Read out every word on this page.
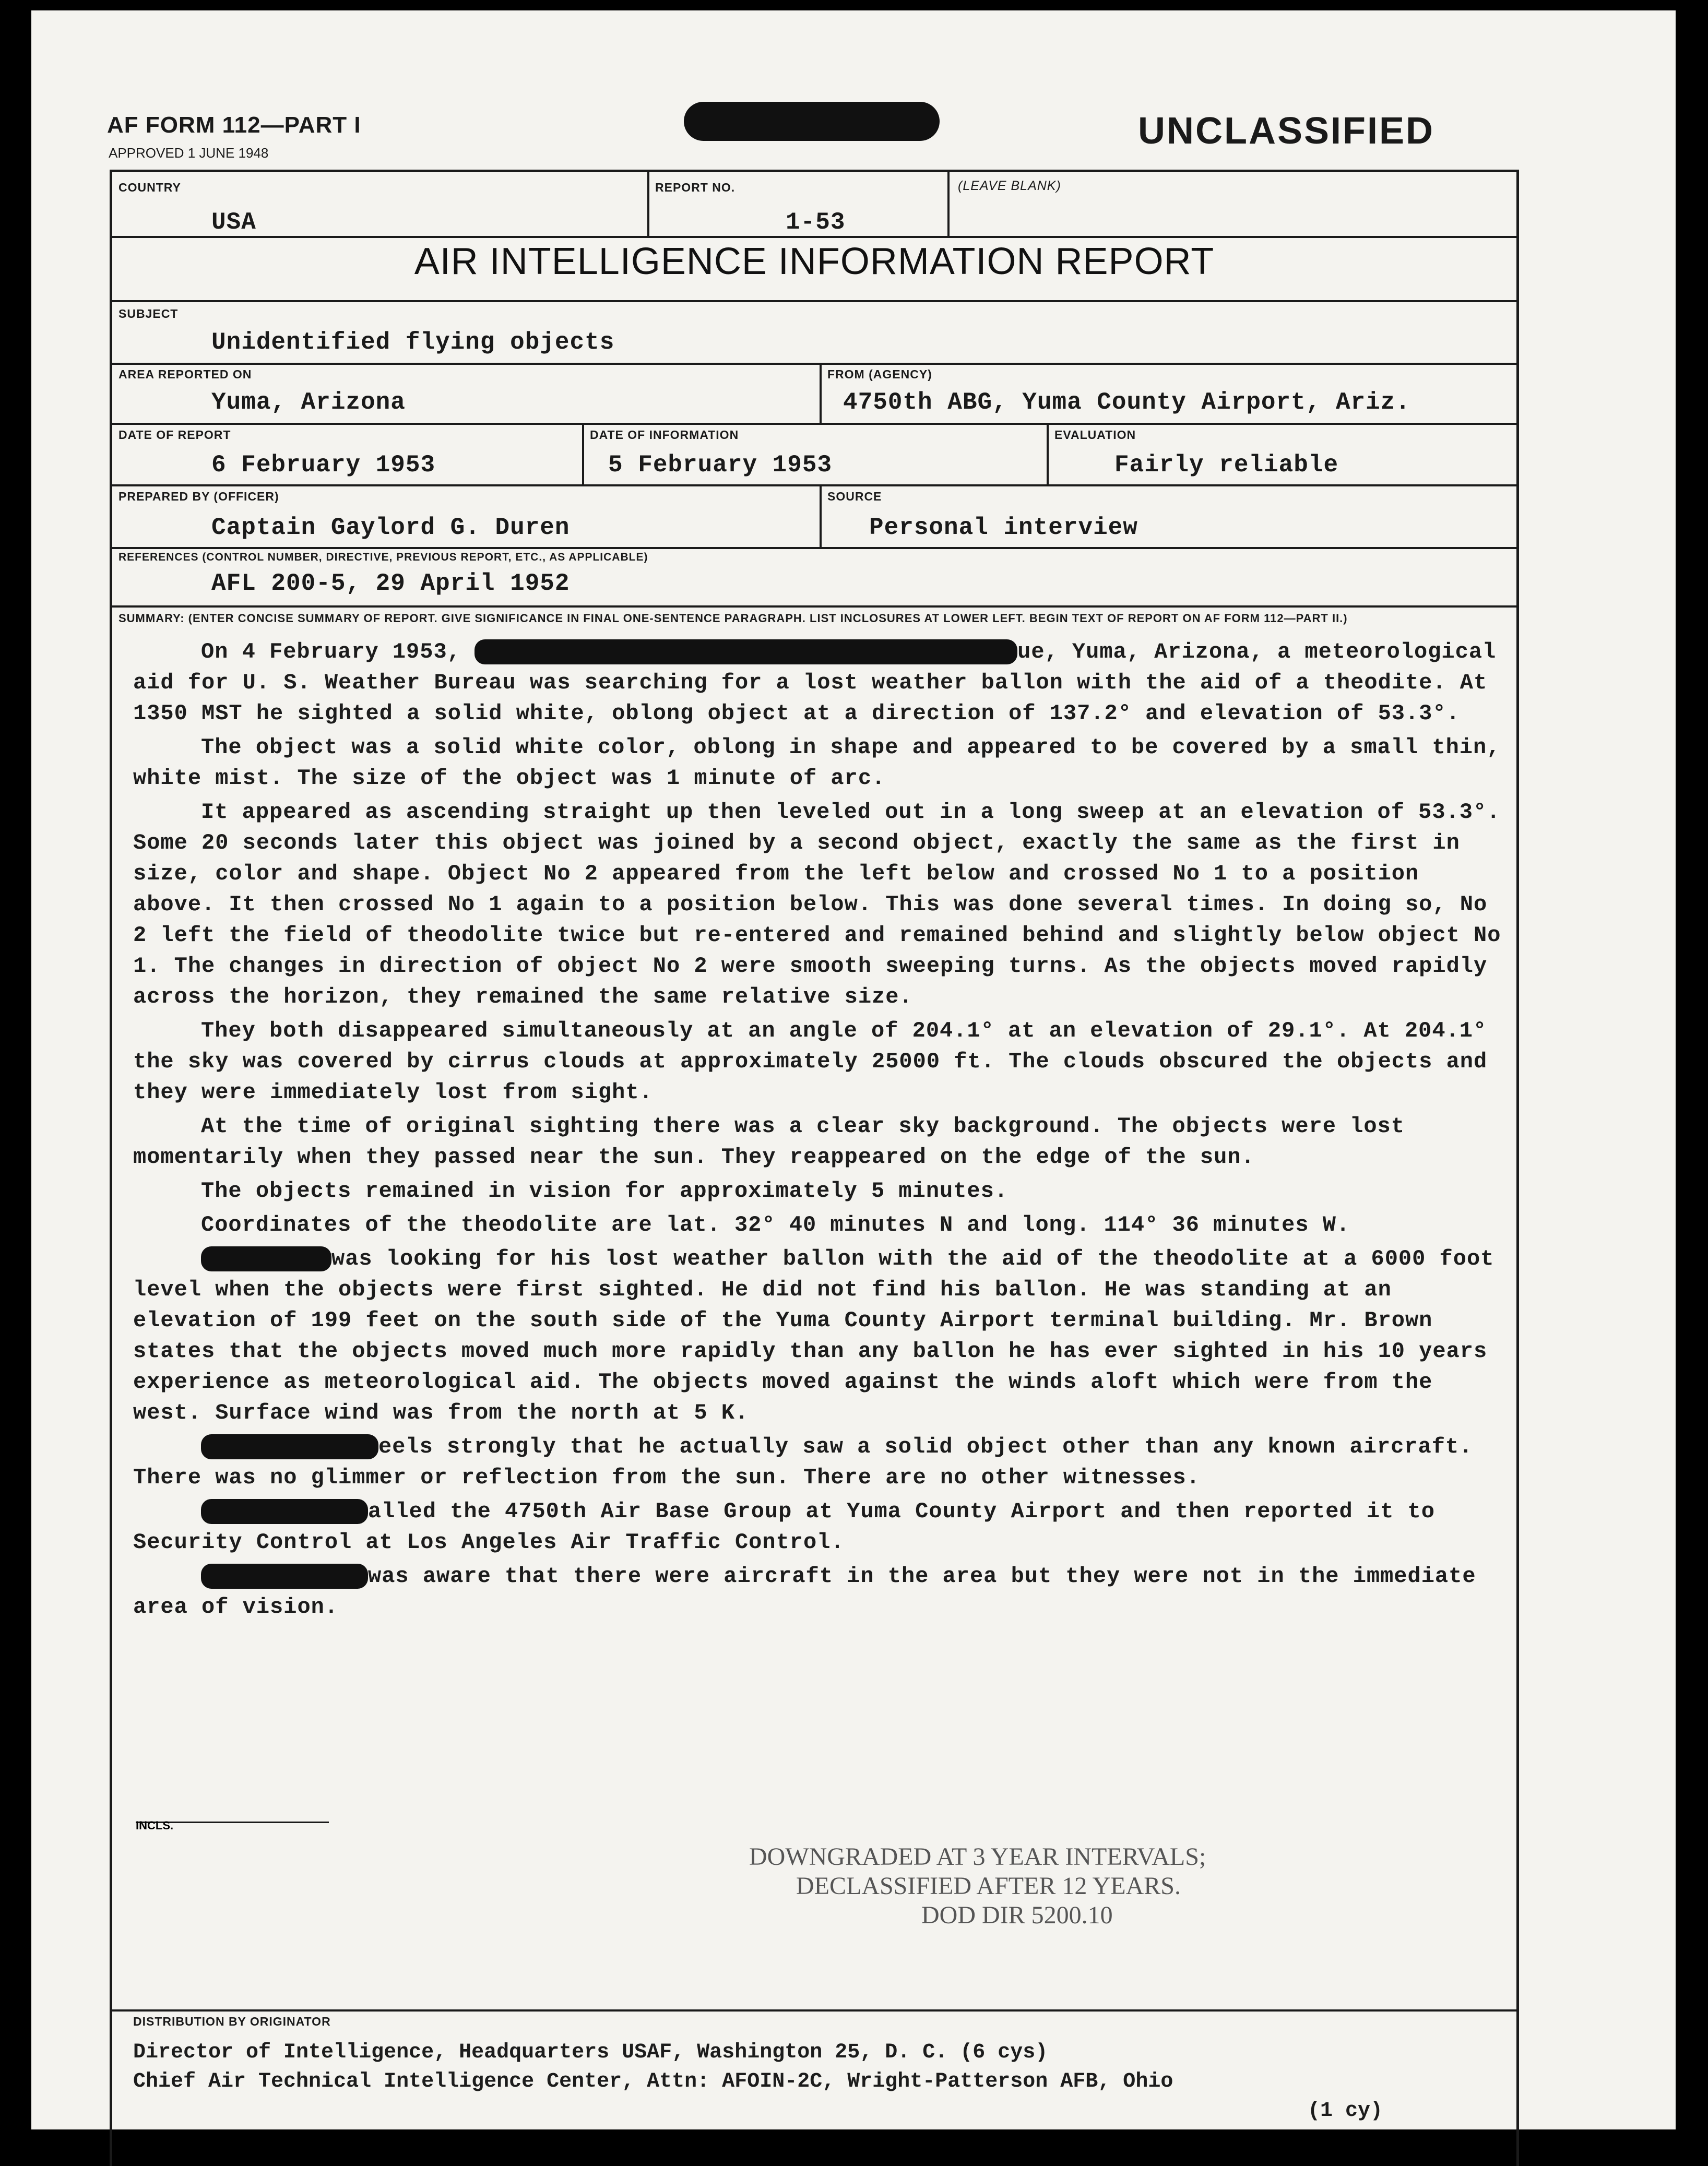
AF FORM 112—PART I
APPROVED 1 JUNE 1948
UNCLASSIFIED
COUNTRY
USA
REPORT NO.
1-53
(LEAVE BLANK)
AIR INTELLIGENCE INFORMATION REPORT
SUBJECT
Unidentified flying objects
AREA REPORTED ON
Yuma, Arizona
FROM (AGENCY)
4750th ABG, Yuma County Airport, Ariz.
DATE OF REPORT
6 February 1953
DATE OF INFORMATION
5 February 1953
EVALUATION
Fairly reliable
PREPARED BY (OFFICER)
Captain Gaylord G. Duren
SOURCE
Personal interview
REFERENCES (CONTROL NUMBER, DIRECTIVE, PREVIOUS REPORT, ETC., AS APPLICABLE)
AFL 200-5, 29 April 1952
SUMMARY: (ENTER CONCISE SUMMARY OF REPORT. GIVE SIGNIFICANCE IN FINAL ONE-SENTENCE PARAGRAPH. LIST INCLOSURES AT LOWER LEFT. BEGIN TEXT OF REPORT ON AF FORM 112—PART II.)

On 4 February 1953,	ue, Yuma, Arizona, a meteorological aid for U. S. Weather Bureau was searching for a lost weather ballon with the aid of a theodite. At 1350 MST he sighted a solid white, oblong object at a direction of 137.2° and elevation of 53.3°.

The object was a solid white color, oblong in shape and appeared to be covered by a small thin, white mist. The size of the object was 1 minute of arc.

It appeared as ascending straight up then leveled out in a long sweep at an elevation of 53.3°. Some 20 seconds later this object was joined by a second object, exactly the same as the first in size, color and shape. Object No 2 appeared from the left below and crossed No 1 to a position above. It then crossed No 1 again to a position below. This was done several times. In doing so, No 2 left the field of theodolite twice but re-entered and remained behind and slightly below object No 1. The changes in direction of object No 2 were smooth sweeping turns. As the objects moved rapidly across the horizon, they remained the same relative size.

They both disappeared simultaneously at an angle of 204.1° at an elevation of 29.1°. At 204.1° the sky was covered by cirrus clouds at approximately 25000 ft. The clouds obscured the objects and they were immediately lost from sight.

At the time of original sighting there was a clear sky background. The objects were lost momentarily when they passed near the sun. They reappeared on the edge of the sun.

The objects remained in vision for approximately 5 minutes.

Coordinates of the theodolite are lat. 32° 40 minutes N and long. 114° 36 minutes W.

was looking for his lost weather ballon with the aid of the theodolite at a 6000 foot level when the objects were first sighted. He did not find his ballon. He was standing at an elevation of 199 feet on the south side of the Yuma County Airport terminal building. Mr. Brown states that the objects moved much more rapidly than any ballon he has ever sighted in his 10 years experience as meteorological aid. The objects moved against the winds aloft which were from the west. Surface wind was from the north at 5 K.

eels strongly that he actually saw a solid object other than any known aircraft. There was no glimmer or reflection from the sun. There are no other witnesses.

alled the 4750th Air Base Group at Yuma County Airport and then reported it to Security Control at Los Angeles Air Traffic Control.

was aware that there were aircraft in the area but they were not in the immediate area of vision.

INCLS.
DOWNGRADED AT 3 YEAR INTERVALS;
DECLASSIFIED AFTER 12 YEARS.
DOD DIR 5200.10
DISTRIBUTION BY ORIGINATOR
Director of Intelligence, Headquarters USAF, Washington 25, D. C. (6 cys)
Chief Air Technical Intelligence Center, Attn: AFOIN-2C, Wright-Patterson AFB, Ohio
(1 cy)
